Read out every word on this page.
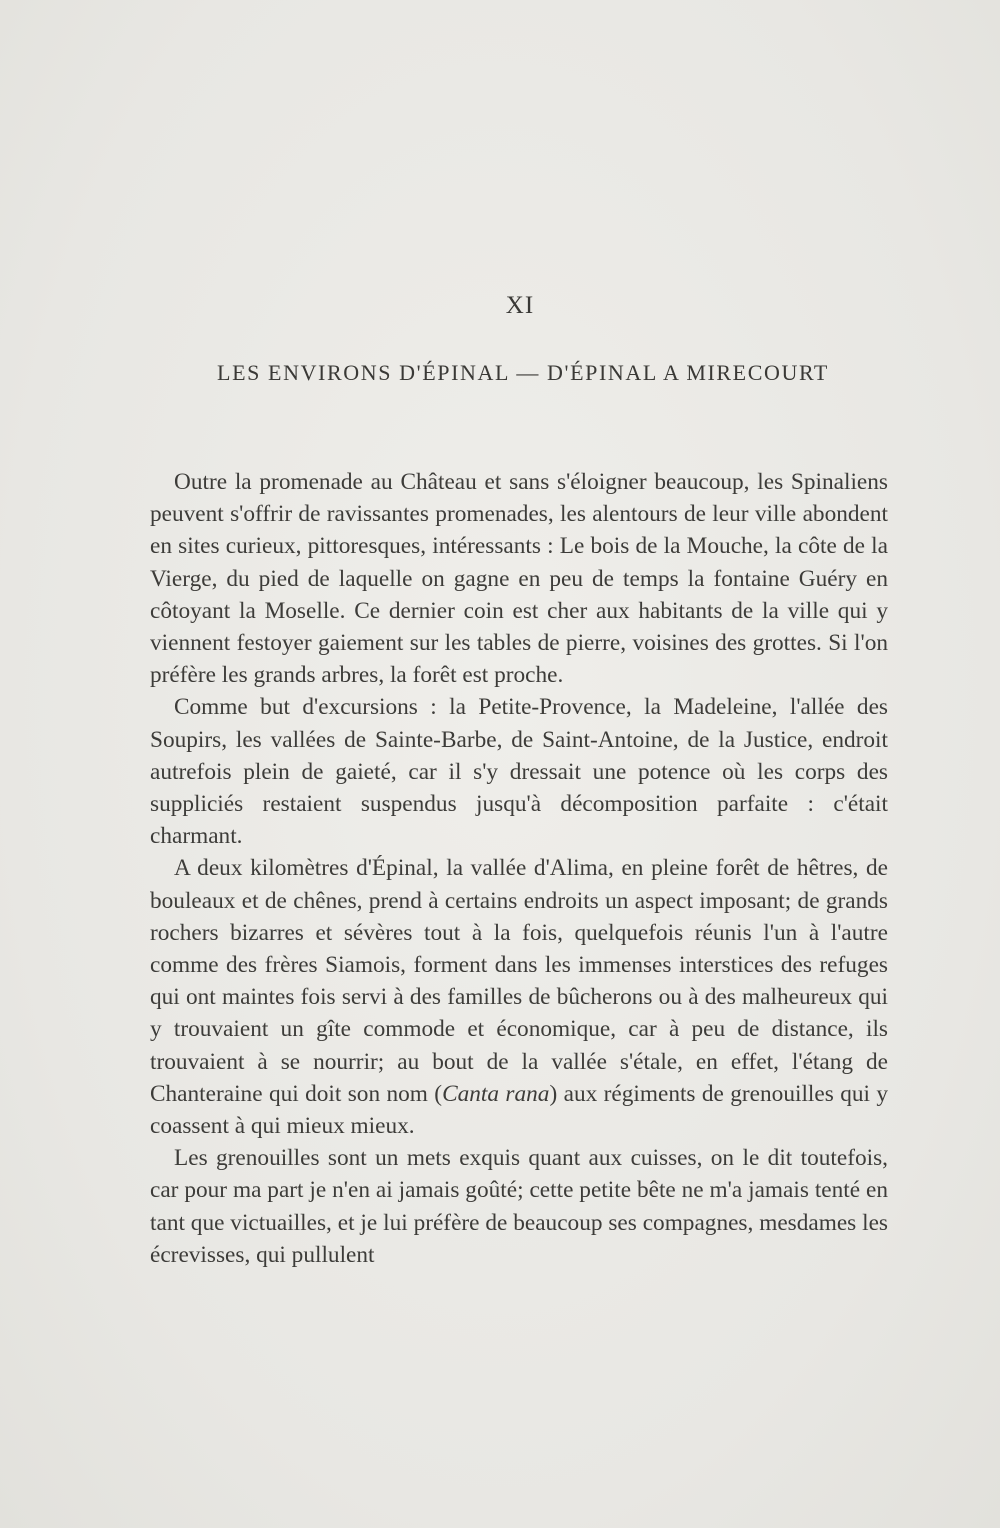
XI
LES ENVIRONS D'ÉPINAL — D'ÉPINAL A MIRECOURT

Outre la promenade au Château et sans s'éloigner beaucoup, les Spinaliens peuvent s'offrir de ravissantes promenades, les alentours de leur ville abondent en sites curieux, pittoresques, intéressants : Le bois de la Mouche, la côte de la Vierge, du pied de laquelle on gagne en peu de temps la fontaine Guéry en côtoyant la Moselle. Ce dernier coin est cher aux habitants de la ville qui y viennent festoyer gaiement sur les tables de pierre, voisines des grottes. Si l'on préfère les grands arbres, la forêt est proche.

Comme but d'excursions : la Petite-Provence, la Madeleine, l'allée des Soupirs, les vallées de Sainte-Barbe, de Saint-Antoine, de la Justice, endroit autrefois plein de gaieté, car il s'y dressait une potence où les corps des suppliciés restaient suspendus jusqu'à décomposition parfaite : c'était charmant.

A deux kilomètres d'Épinal, la vallée d'Alima, en pleine forêt de hêtres, de bouleaux et de chênes, prend à certains endroits un aspect imposant; de grands rochers bizarres et sévères tout à la fois, quelquefois réunis l'un à l'autre comme des frères Siamois, forment dans les immenses interstices des refuges qui ont maintes fois servi à des familles de bûcherons ou à des malheureux qui y trouvaient un gîte commode et économique, car à peu de distance, ils trouvaient à se nourrir; au bout de la vallée s'étale, en effet, l'étang de Chanteraine qui doit son nom (Canta rana) aux régiments de grenouilles qui y coassent à qui mieux mieux.

Les grenouilles sont un mets exquis quant aux cuisses, on le dit toutefois, car pour ma part je n'en ai jamais goûté; cette petite bête ne m'a jamais tenté en tant que victuailles, et je lui préfère de beaucoup ses compagnes, mesdames les écrevisses, qui pullulent
